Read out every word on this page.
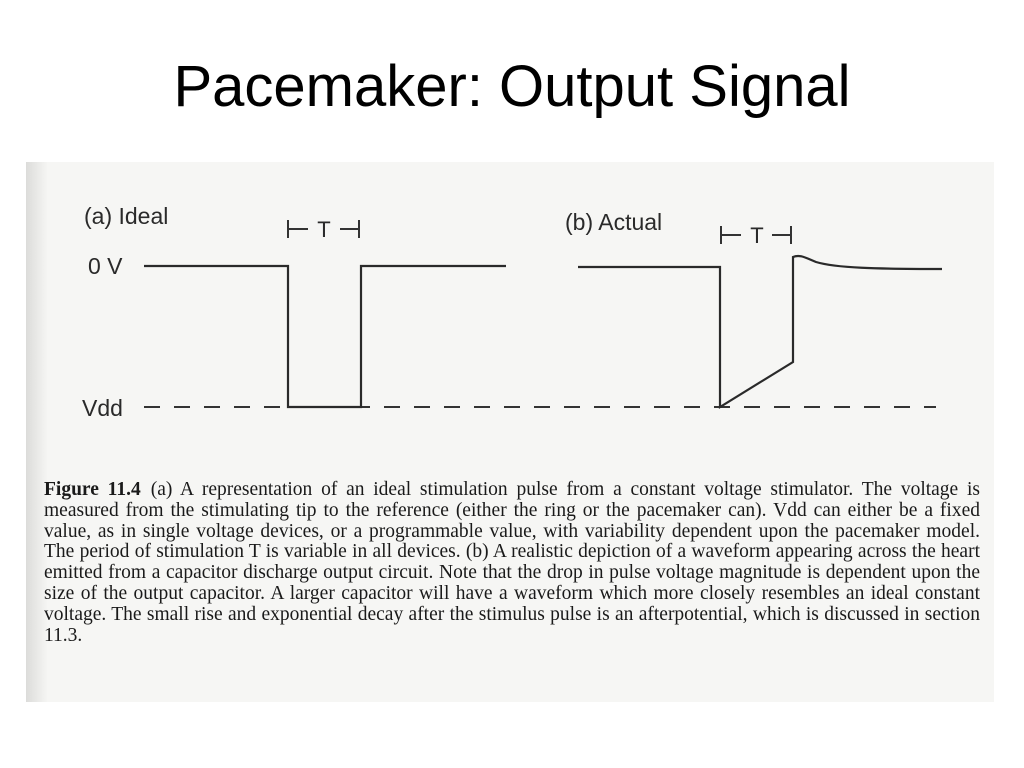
Pacemaker: Output Signal
(a) Ideal	(b) Actual
0 V
Vdd
T	T
Figure 11.4 (a) A representation of an ideal stimulation pulse from a constant voltage stimulator. The voltage is measured from the stimulating tip to the reference (either the ring or the pacemaker can). Vdd can either be a fixed value, as in single voltage devices, or a programmable value, with variability dependent upon the pacemaker model. The period of stimulation T is variable in all devices. (b) A realistic depiction of a waveform appearing across the heart emitted from a capacitor discharge output circuit. Note that the drop in pulse voltage magnitude is dependent upon the size of the output capacitor. A larger capacitor will have a waveform which more closely resembles an ideal constant voltage. The small rise and exponential decay after the stimulus pulse is an afterpotential, which is discussed in section 11.3.
